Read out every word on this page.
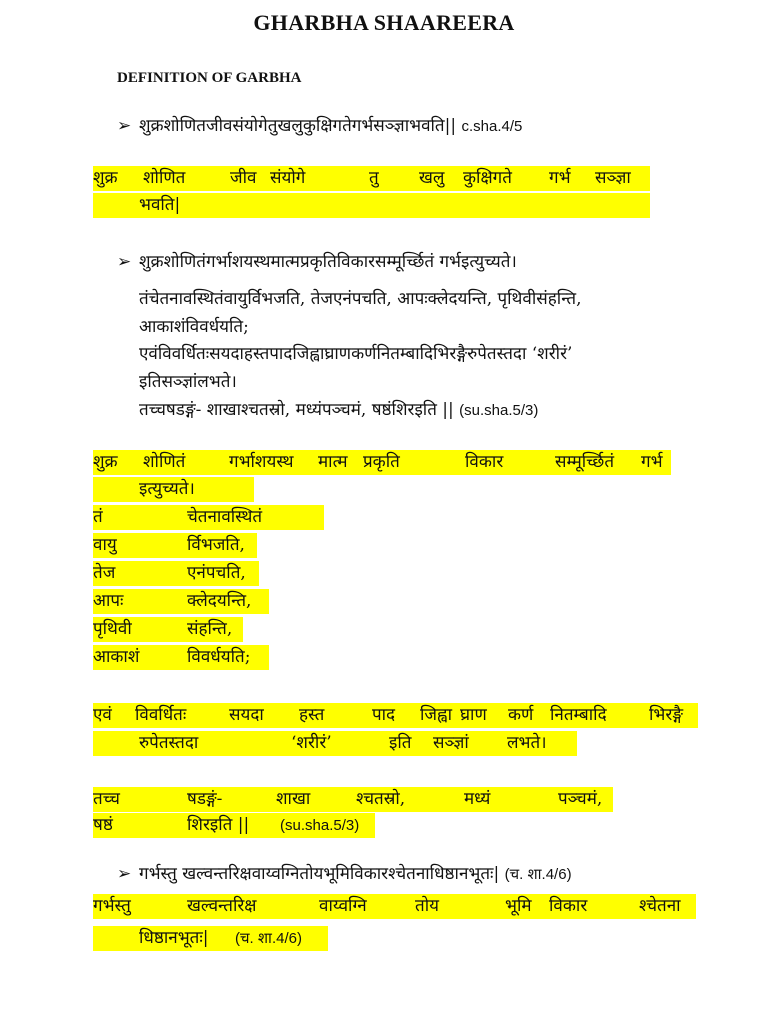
GHARBHA SHAAREERA
DEFINITION OF GARBHA
➢ शुक्रशोणितजीवसंयोगेतुखलुकुक्षिगतेगर्भसञ्ज्ञाभवति|| c.sha.4/5
शुक्र शोणित	जीव संयोगे	तु खलु कुक्षिगते गर्भ सञ्ज्ञा
भवति|
➢ शुक्रशोणितंगर्भाशयस्थमात्मप्रकृतिविकारसम्मूर्च्छितं गर्भइत्युच्यते।
तंचेतनावस्थितंवायुर्विभजति, तेजएनंपचति, आपःक्लेदयन्ति, पृथिवीसंहन्ति,
आकाशंविवर्धयति;
एवंविवर्धितःसयदाहस्तपादजिह्वाघ्राणकर्णनितम्बादिभिरङ्गैरुपेतस्तदा ‘शरीरं’
इतिसञ्ज्ञांलभते।
तच्चषडङ्गं- शाखाश्चतस्रो, मध्यंपञ्चमं, षष्ठंशिरइति || (su.sha.5/3)
शुक्र शोणितं	गर्भाशयस्थ मात्म प्रकृति	विकार	सम्मूर्च्छितं गर्भ
इत्युच्यते।
तं	चेतनावस्थितं
वायु	र्विभजति,
तेज	एनंपचति,
आपः	क्लेदयन्ति,
पृथिवी	संहन्ति,
आकाशं	विवर्धयति;
एवं विवर्धितः	सयदा हस्त	पाद जिह्वा घ्राण कर्ण नितम्बादि भिरङ्गै
रुपेतस्तदा	‘शरीरं’	इति सञ्ज्ञां लभते।
तच्च	षडङ्गं-	शाखा	श्चतस्रो,	मध्यं	पञ्चमं,
षष्ठं	शिरइति || (su.sha.5/3)
➢ गर्भस्तु खल्वन्तरिक्षवाय्वग्नितोयभूमिविकारश्चेतनाधिष्ठानभूतः| (च. शा.4/6)
गर्भस्तु	खल्वन्तरिक्ष	वाय्वग्नि	तोय	भूमि विकार	श्चेतना
धिष्ठानभूतः| (च. शा.4/6)
